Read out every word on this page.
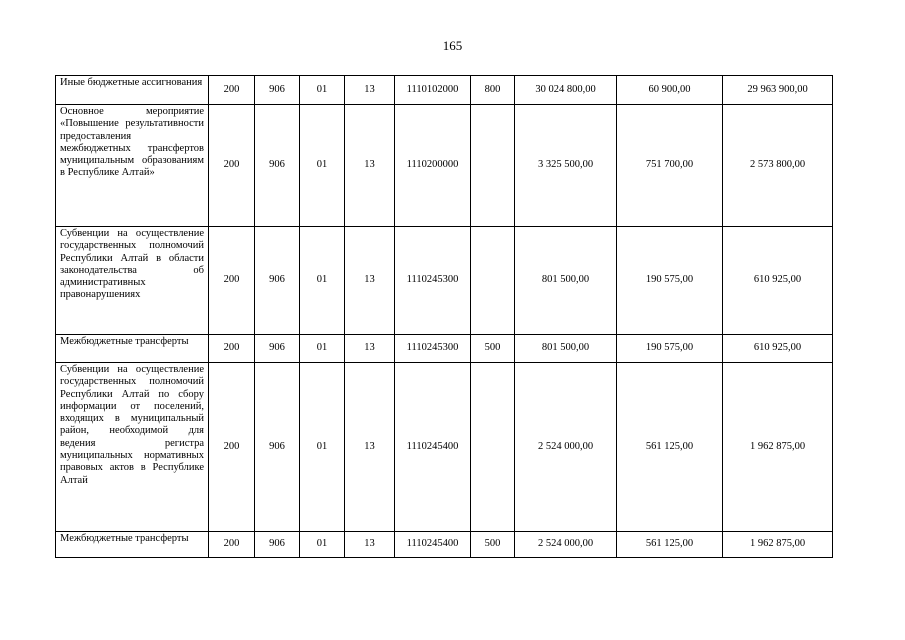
165
Иные бюджетные ассигнования	200	906	01	13	1110102000	800	30 024 800,00	60 900,00	29 963 900,00
Основное мероприятие «Повышение результативности предоставления межбюджетных трансфертов муниципальным образованиям в Республике Алтай»	200	906	01	13	1110200000		3 325 500,00	751 700,00	2 573 800,00
Субвенции на осуществление государственных полномочий Республики Алтай в области законодательства об административных правонарушениях	200	906	01	13	1110245300		801 500,00	190 575,00	610 925,00
Межбюджетные трансферты	200	906	01	13	1110245300	500	801 500,00	190 575,00	610 925,00
Субвенции на осуществление государственных полномочий Республики Алтай по сбору информации от поселений, входящих в муниципальный район, необходимой для ведения регистра муниципальных нормативных правовых актов в Республике Алтай	200	906	01	13	1110245400		2 524 000,00	561 125,00	1 962 875,00
Межбюджетные трансферты	200	906	01	13	1110245400	500	2 524 000,00	561 125,00	1 962 875,00
